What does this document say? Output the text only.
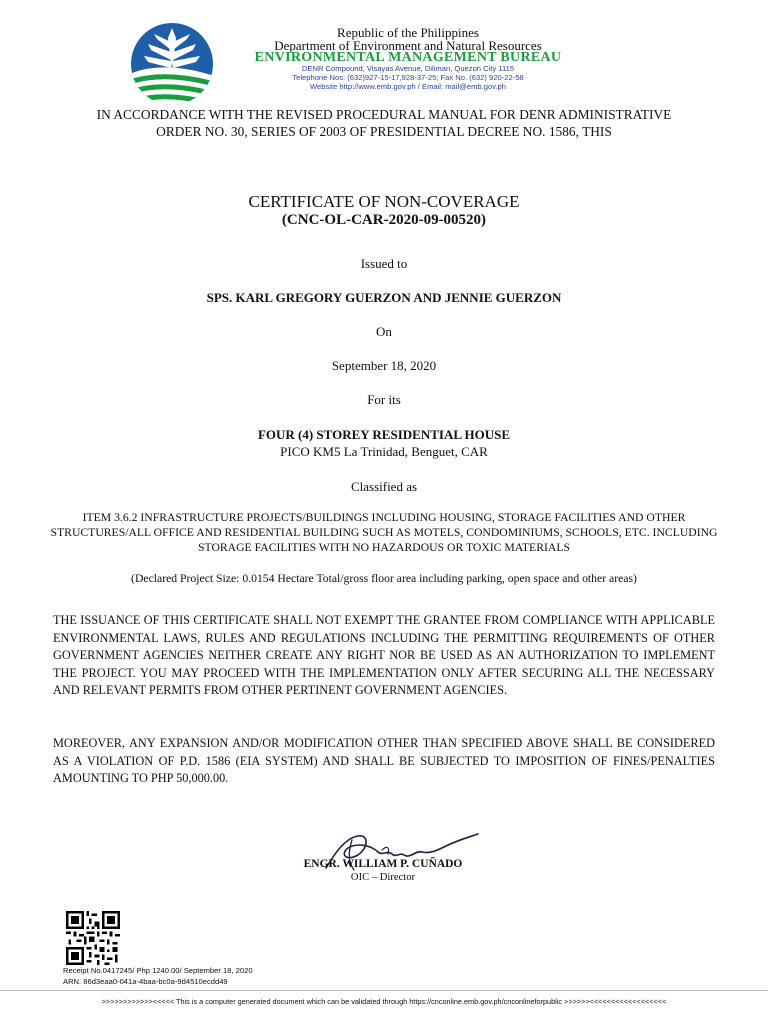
Republic of the Philippines
Department of Environment and Natural Resources
ENVIRONMENTAL MANAGEMENT BUREAU
DENR Compound, Visayas Avenue, Diliman, Quezon City 1115
Telephone Nos: (632)927-15-17,928-37-25; Fax No. (632) 920-22-58
Website http://www.emb.gov.ph / Email: mail@emb.gov.ph
IN ACCORDANCE WITH THE REVISED PROCEDURAL MANUAL FOR DENR ADMINISTRATIVE ORDER NO. 30, SERIES OF 2003 OF PRESIDENTIAL DECREE NO. 1586, THIS
CERTIFICATE OF NON-COVERAGE
(CNC-OL-CAR-2020-09-00520)
Issued to
SPS. KARL GREGORY GUERZON AND JENNIE GUERZON
On
September 18, 2020
For its
FOUR (4) STOREY RESIDENTIAL HOUSE
PICO KM5 La Trinidad, Benguet, CAR
Classified as
ITEM 3.6.2 INFRASTRUCTURE PROJECTS/BUILDINGS INCLUDING HOUSING, STORAGE FACILITIES AND OTHER STRUCTURES/ALL OFFICE AND RESIDENTIAL BUILDING SUCH AS MOTELS, CONDOMINIUMS, SCHOOLS, ETC. INCLUDING STORAGE FACILITIES WITH NO HAZARDOUS OR TOXIC MATERIALS
(Declared Project Size: 0.0154 Hectare Total/gross floor area including parking, open space and other areas)
THE ISSUANCE OF THIS CERTIFICATE SHALL NOT EXEMPT THE GRANTEE FROM COMPLIANCE WITH APPLICABLE ENVIRONMENTAL LAWS, RULES AND REGULATIONS INCLUDING THE PERMITTING REQUIREMENTS OF OTHER GOVERNMENT AGENCIES NEITHER CREATE ANY RIGHT NOR BE USED AS AN AUTHORIZATION TO IMPLEMENT THE PROJECT. YOU MAY PROCEED WITH THE IMPLEMENTATION ONLY AFTER SECURING ALL THE NECESSARY AND RELEVANT PERMITS FROM OTHER PERTINENT GOVERNMENT AGENCIES.
MOREOVER, ANY EXPANSION AND/OR MODIFICATION OTHER THAN SPECIFIED ABOVE SHALL BE CONSIDERED AS A VIOLATION OF P.D. 1586 (EIA SYSTEM) AND SHALL BE SUBJECTED TO IMPOSITION OF FINES/PENALTIES AMOUNTING TO PHP 50,000.00.
ENGR. WILLIAM P. CUÑADO
OIC – Director
Receipt No.0417245/ Php 1240.00/ September 18, 2020
ARN. 86d3eaa0-041a-4baa-bc0a-9d4510ecdd49
>>>>>>>>>>>><<<<< This is a computer generated document which can be validated through https://cnconline.emb.gov.ph/cnconlineforpublic >>>>>><<<<<<<<<<<<<<<<<<
